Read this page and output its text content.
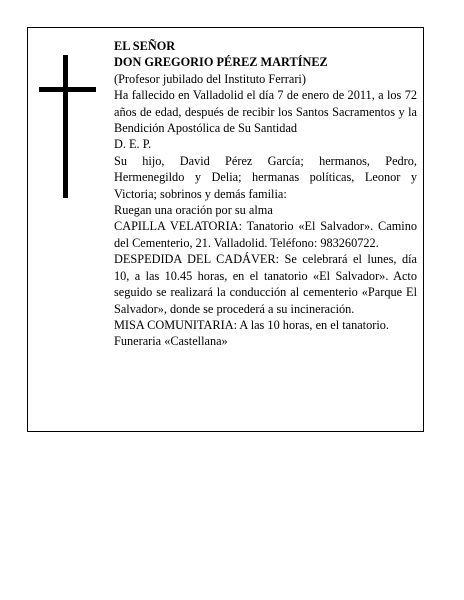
EL SEÑOR

DON GREGORIO PÉREZ MARTÍNEZ

(Profesor jubilado del Instituto Ferrari)

Ha fallecido en Valladolid el día 7 de enero de 2011, a los 72 años de edad, después de recibir los Santos Sacramentos y la Bendición Apostólica de Su Santidad

D. E. P.

Su hijo, David Pérez García; hermanos, Pedro, Hermenegildo y Delia; hermanas políticas, Leonor y Victoria; sobrinos y demás familia:

Ruegan una oración por su alma

CAPILLA VELATORIA: Tanatorio «El Salvador». Camino del Cementerio, 21. Valladolid. Teléfono: 983260722.

DESPEDIDA DEL CADÁVER: Se celebrará el lunes, día 10, a las 10.45 horas, en el tanatorio «El Salvador». Acto seguido se realizará la conducción al cementerio «Parque El Salvador», donde se procederá a su incineración.

MISA COMUNITARIA: A las 10 horas, en el tanatorio.

Funeraria «Castellana»
